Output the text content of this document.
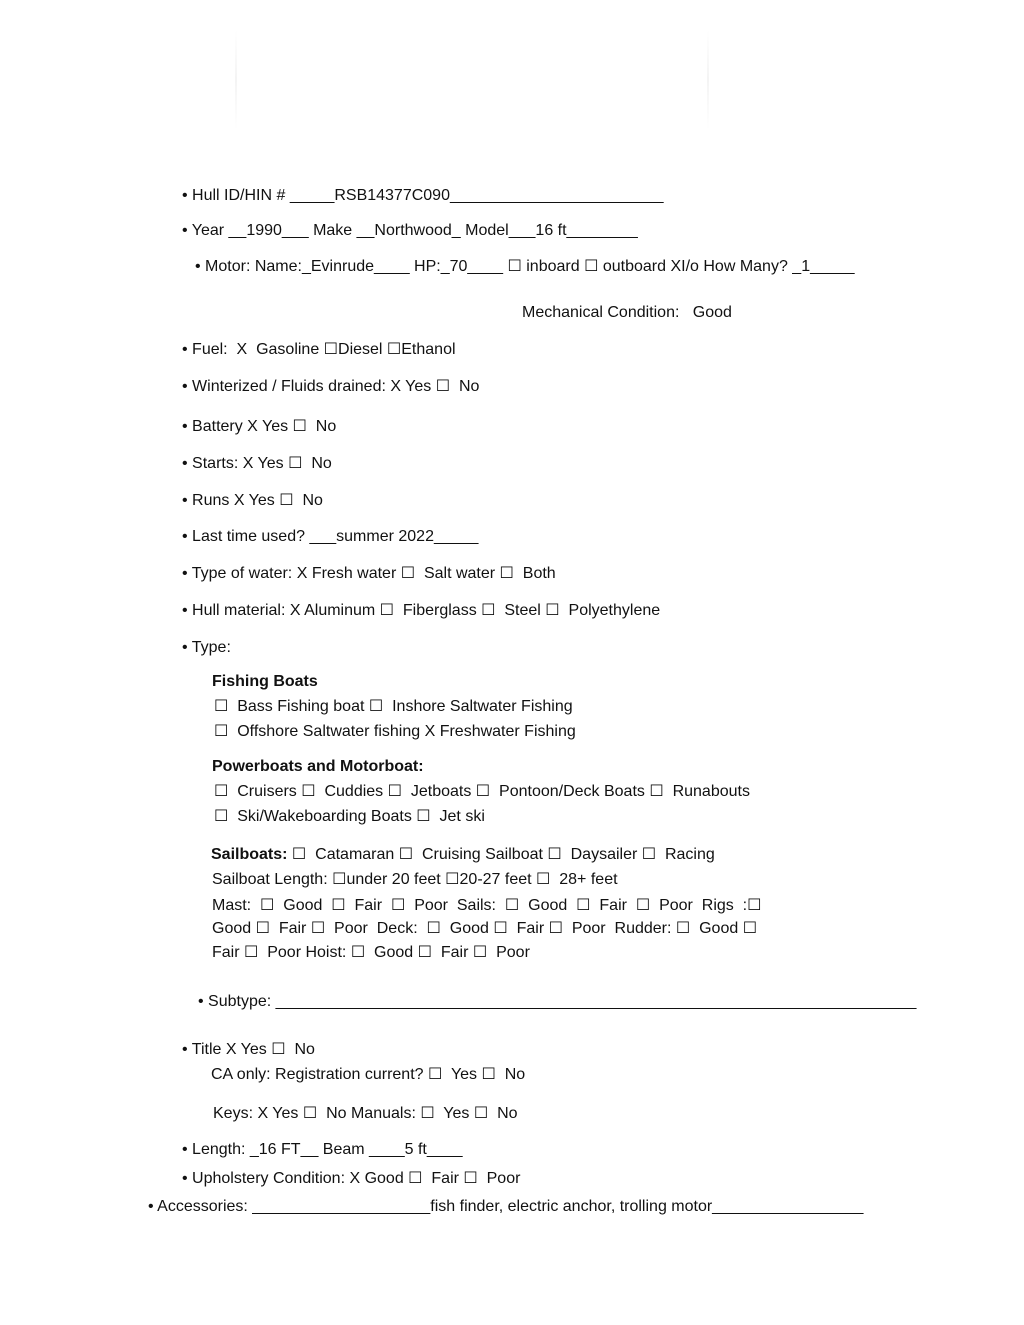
• Hull ID/HIN # _____RSB14377C090________________________
• Year __1990___ Make __Northwood_ Model___16 ft________
• Motor: Name:_Evinrude____ HP:_70____ ☐ inboard ☐ outboard XI/o How Many? _1_____
Mechanical Condition:   Good
• Fuel:  X  Gasoline ☐Diesel ☐Ethanol
• Winterized / Fluids drained: X Yes ☐  No
• Battery X Yes ☐  No
• Starts: X Yes ☐  No
• Runs X Yes ☐  No
• Last time used? ___summer 2022_____
• Type of water: X Fresh water ☐  Salt water ☐  Both
• Hull material: X Aluminum ☐  Fiberglass ☐  Steel ☐  Polyethylene
• Type:
Fishing Boats
☐  Bass Fishing boat ☐  Inshore Saltwater Fishing
☐  Offshore Saltwater fishing X Freshwater Fishing
Powerboats and Motorboat:
☐  Cruisers ☐  Cuddies ☐  Jetboats ☐  Pontoon/Deck Boats ☐  Runabouts
☐  Ski/Wakeboarding Boats ☐  Jet ski
Sailboats: ☐  Catamaran ☐  Cruising Sailboat ☐  Daysailer ☐  Racing
Sailboat Length: ☐under 20 feet ☐20-27 feet ☐  28+ feet
Mast:  ☐  Good  ☐  Fair  ☐  Poor  Sails:  ☐  Good  ☐  Fair  ☐  Poor  Rigs  :☐
Good ☐  Fair ☐  Poor  Deck:  ☐  Good ☐  Fair ☐  Poor  Rudder: ☐  Good ☐
Fair ☐  Poor Hoist: ☐  Good ☐  Fair ☐  Poor
• Subtype: ________________________________________________________________________
• Title X Yes ☐  No
CA only: Registration current? ☐  Yes ☐  No
Keys: X Yes ☐  No Manuals: ☐  Yes ☐  No
• Length: _16 FT__ Beam ____5 ft____
• Upholstery Condition: X Good ☐  Fair ☐  Poor
• Accessories: ____________________fish finder, electric anchor, trolling motor_________________
